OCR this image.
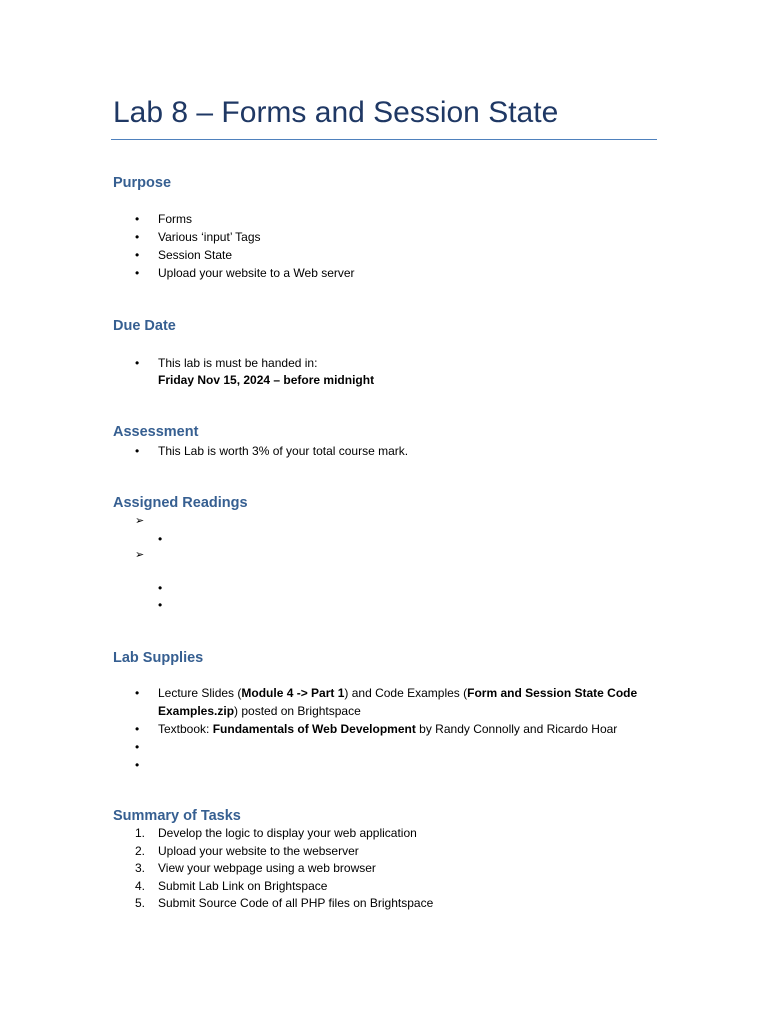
Lab 8 – Forms and Session State
Purpose
• Forms
• Various ‘input’ Tags
• Session State
• Upload your website to a Web server
Due Date
• This lab is must be handed in:
Friday Nov 15, 2024 – before midnight
Assessment
• This Lab is worth 3% of your total course mark.
Assigned Readings
➢
•
➢
•
•
Lab Supplies
• Lecture Slides (Module 4 -> Part 1) and Code Examples (Form and Session State Code
Examples.zip) posted on Brightspace
• Textbook: Fundamentals of Web Development by Randy Connolly and Ricardo Hoar
•
•
Summary of Tasks
1. Develop the logic to display your web application
2. Upload your website to the webserver
3. View your webpage using a web browser
4. Submit Lab Link on Brightspace
5. Submit Source Code of all PHP files on Brightspace
